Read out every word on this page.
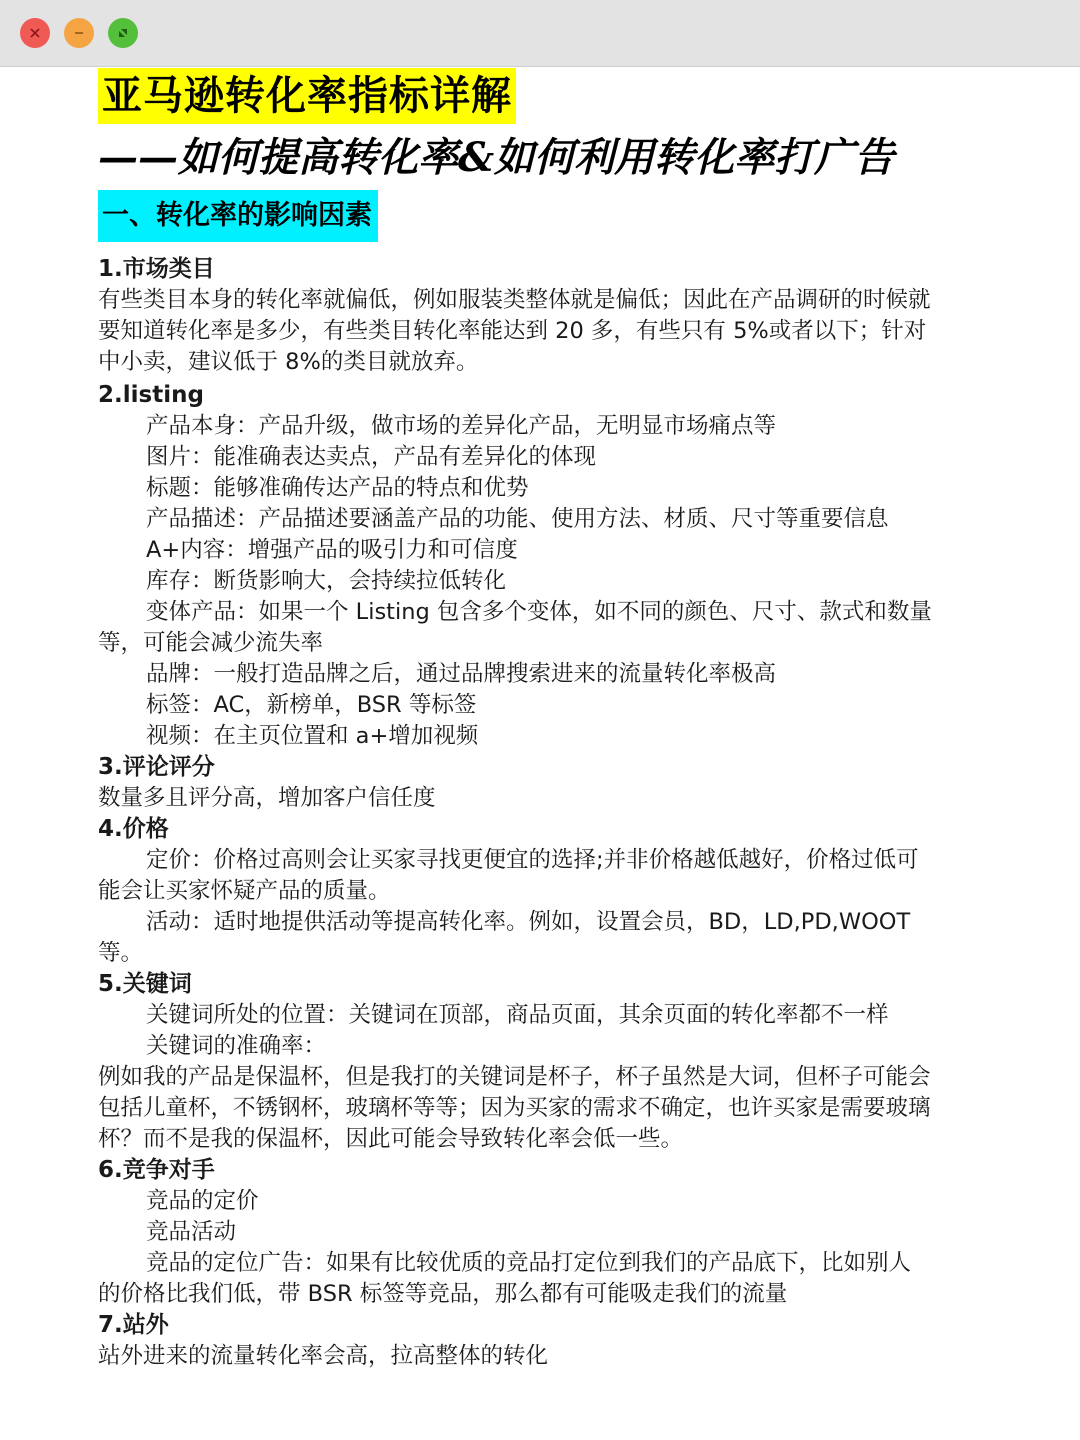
亚马逊转化率指标详解
——如何提高转化率&如何利用转化率打广告
一、转化率的影响因素

1.市场类目

有些类目本身的转化率就偏低，例如服装类整体就是偏低；因此在产品调研的时候就要知道转化率是多少，有些类目转化率能达到 20 多，有些只有 5%或者以下；针对中小卖，建议低于 8%的类目就放弃。

2.listing

产品本身：产品升级，做市场的差异化产品，无明显市场痛点等

图片：能准确表达卖点，产品有差异化的体现

标题：能够准确传达产品的特点和优势

产品描述：产品描述要涵盖产品的功能、使用方法、材质、尺寸等重要信息

A+内容：增强产品的吸引力和可信度

库存：断货影响大，会持续拉低转化

变体产品：如果一个 Listing 包含多个变体，如不同的颜色、尺寸、款式和数量等，可能会减少流失率

品牌：一般打造品牌之后，通过品牌搜索进来的流量转化率极高

标签：AC，新榜单，BSR 等标签

视频：在主页位置和 a+增加视频

3.评论评分

数量多且评分高，增加客户信任度

4.价格

定价：价格过高则会让买家寻找更便宜的选择;并非价格越低越好，价格过低可能会让买家怀疑产品的质量。

活动：适时地提供活动等提高转化率。例如，设置会员，BD，LD,PD,WOOT 等。

5.关键词

关键词所处的位置：关键词在顶部，商品页面，其余页面的转化率都不一样

关键词的准确率：

例如我的产品是保温杯，但是我打的关键词是杯子，杯子虽然是大词，但杯子可能会包括儿童杯，不锈钢杯，玻璃杯等等；因为买家的需求不确定，也许买家是需要玻璃杯？而不是我的保温杯，因此可能会导致转化率会低一些。

6.竞争对手

竞品的定价

竞品活动

竞品的定位广告：如果有比较优质的竞品打定位到我们的产品底下，比如别人的价格比我们低，带 BSR 标签等竞品，那么都有可能吸走我们的流量

7.站外

站外进来的流量转化率会高，拉高整体的转化
